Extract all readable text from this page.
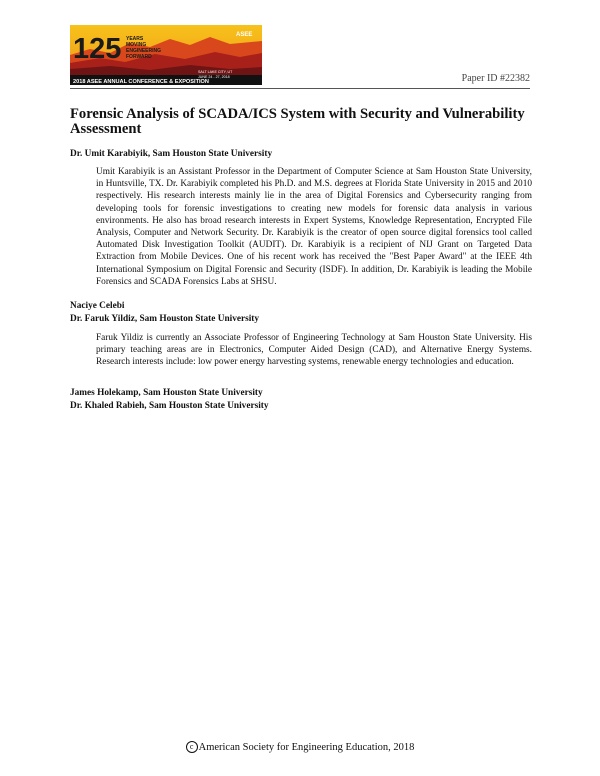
125 YEARS
MOVING
ENGINEERING
FORWARD
ASEE
SALT LAKE CITY, UT
JUNE 24 - 27, 2018
2018 ASEE ANNUAL CONFERENCE & EXPOSITION	Paper ID #22382
Forensic Analysis of SCADA/ICS System with Security and Vulnerability Assessment
Dr. Umit Karabiyik, Sam Houston State University

Umit Karabiyik is an Assistant Professor in the Department of Computer Science at Sam Houston State University, in Huntsville, TX. Dr. Karabiyik completed his Ph.D. and M.S. degrees at Florida State University in 2015 and 2010 respectively. His research interests mainly lie in the area of Digital Forensics and Cybersecurity ranging from developing tools for forensic investigations to creating new models for forensic data analysis in various environments. He also has broad research interests in Expert Systems, Knowledge Representation, Encrypted File Analysis, Computer and Network Security. Dr. Karabiyik is the creator of open source digital forensics tool called Automated Disk Investigation Toolkit (AUDIT). Dr. Karabiyik is a recipient of NIJ Grant on Targeted Data Extraction from Mobile Devices. One of his recent work has received the "Best Paper Award" at the IEEE 4th International Symposium on Digital Forensic and Security (ISDF). In addition, Dr. Karabiyik is leading the Mobile Forensics and SCADA Forensics Labs at SHSU.

Naciye Celebi
Dr. Faruk Yildiz, Sam Houston State University

Faruk Yildiz is currently an Associate Professor of Engineering Technology at Sam Houston State University. His primary teaching areas are in Electronics, Computer Aided Design (CAD), and Alternative Energy Systems. Research interests include: low power energy harvesting systems, renewable energy technologies and education.

James Holekamp, Sam Houston State University
Dr. Khaled Rabieh, Sam Houston State University
c American Society for Engineering Education, 2018
